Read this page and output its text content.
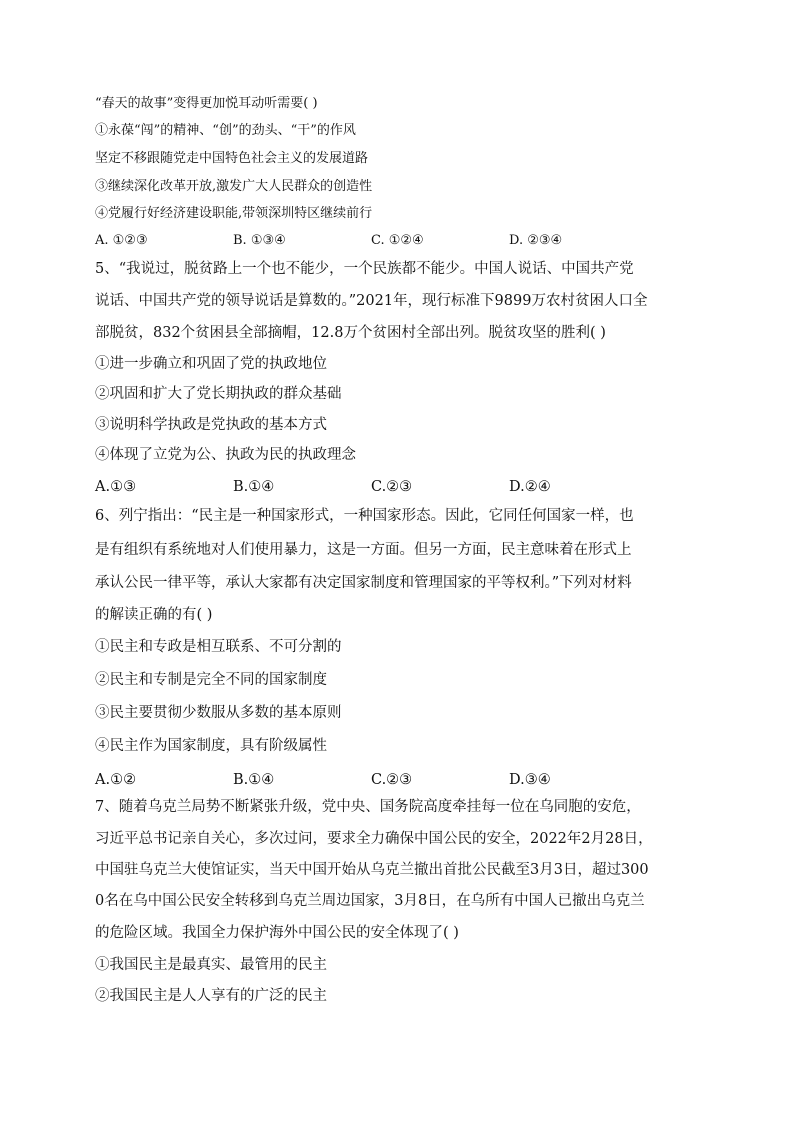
“春天的故事”变得更加悦耳动听需要( )
①永葆“闯”的精神、“创”的劲头、“干”的作风
坚定不移跟随党走中国特色社会主义的发展道路
③继续深化改革开放,激发广大人民群众的创造性
④党履行好经济建设职能,带领深圳特区继续前行
A. ①②③	B. ①③④	C. ①②④	D. ②③④
5、“我说过，脱贫路上一个也不能少，一个民族都不能少。中国人说话、中国共产党
说话、中国共产党的领导说话是算数的。”2021年，现行标准下9899万农村贫困人口全
部脱贫，832个贫困县全部摘帽，12.8万个贫困村全部出列。脱贫攻坚的胜利( )
①进一步确立和巩固了党的执政地位
②巩固和扩大了党长期执政的群众基础
③说明科学执政是党执政的基本方式
④体现了立党为公、执政为民的执政理念
A.①③	B.①④	C.②③	D.②④
6、列宁指出：“民主是一种国家形式，一种国家形态。因此，它同任何国家一样，也
是有组织有系统地对人们使用暴力，这是一方面。但另一方面，民主意味着在形式上
承认公民一律平等，承认大家都有决定国家制度和管理国家的平等权利。”下列对材料
的解读正确的有( )
①民主和专政是相互联系、不可分割的
②民主和专制是完全不同的国家制度
③民主要贯彻少数服从多数的基本原则
④民主作为国家制度，具有阶级属性
A.①②	B.①④	C.②③	D.③④
7、随着乌克兰局势不断紧张升级，党中央、国务院高度牵挂每一位在乌同胞的安危，
习近平总书记亲自关心，多次过问，要求全力确保中国公民的安全，2022年2月28日，
中国驻乌克兰大使馆证实，当天中国开始从乌克兰撤出首批公民截至3月3日，超过300
0名在乌中国公民安全转移到乌克兰周边国家，3月8日，在乌所有中国人已撤出乌克兰
的危险区域。我国全力保护海外中国公民的安全体现了( )
①我国民主是最真实、最管用的民主
②我国民主是人人享有的广泛的民主
